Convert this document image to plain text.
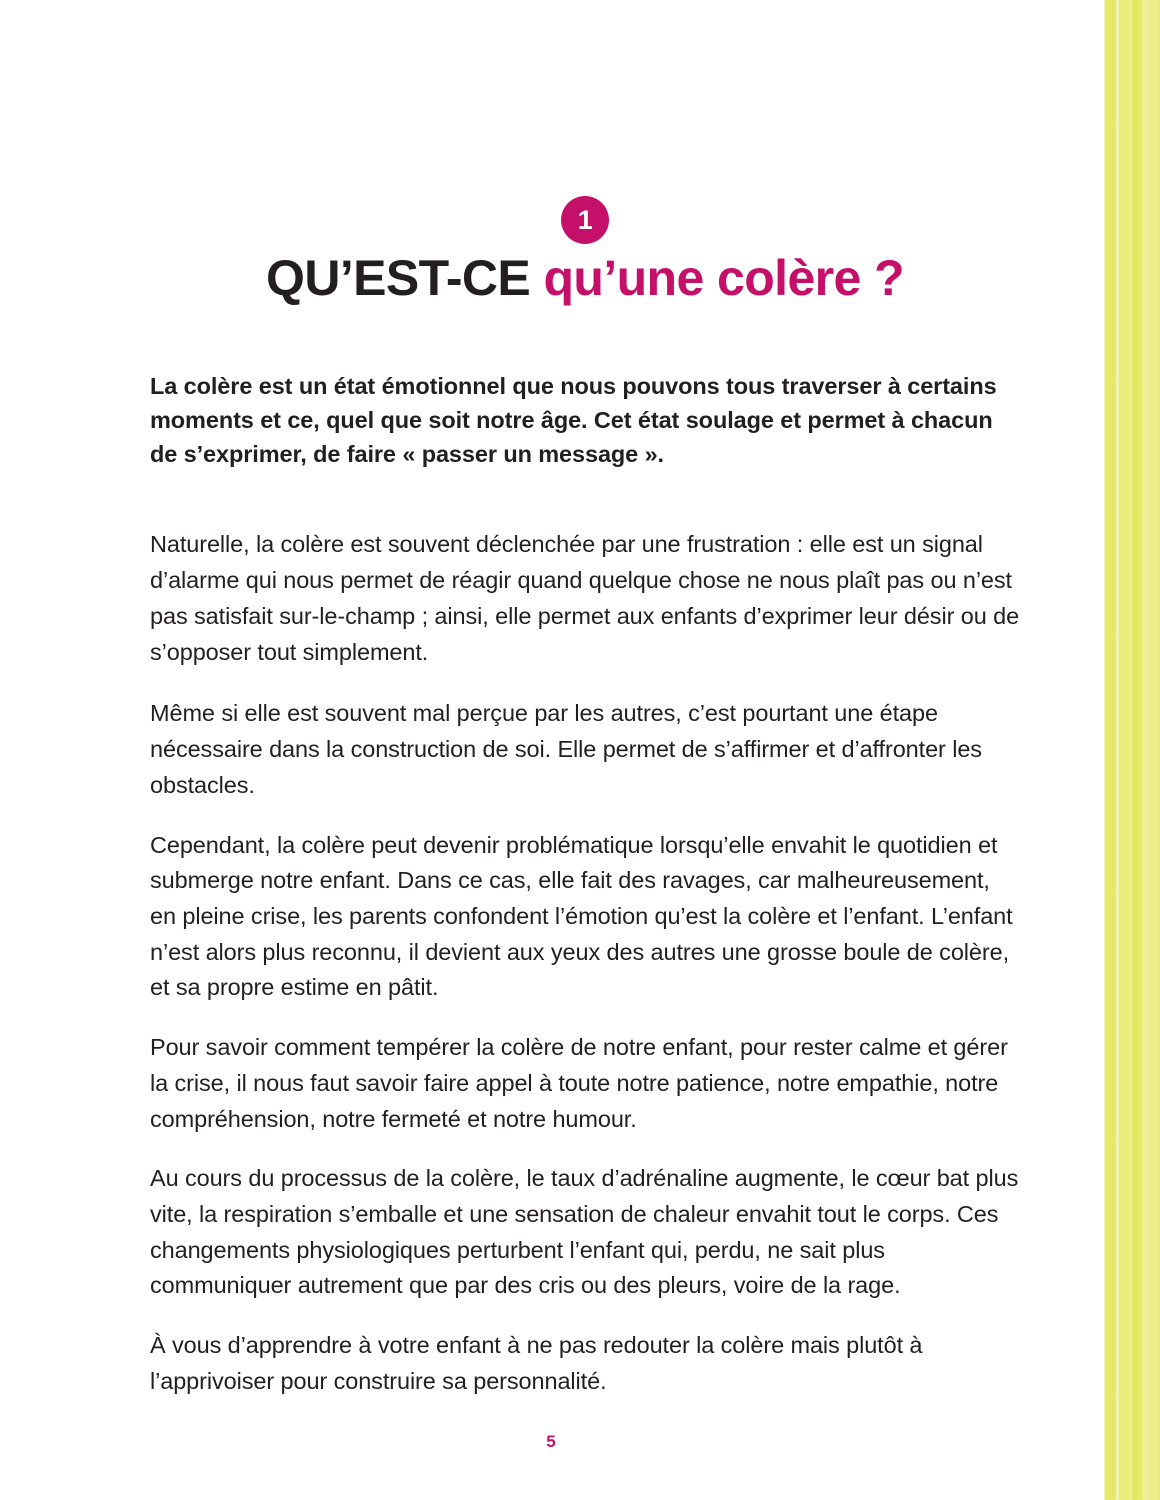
1
QU’EST-CE qu’une colère ?

La colère est un état émotionnel que nous pouvons tous traverser à certains moments et ce, quel que soit notre âge. Cet état soulage et permet à chacun de s’exprimer, de faire « passer un message ».

Naturelle, la colère est souvent déclenchée par une frustration : elle est un signal d’alarme qui nous permet de réagir quand quelque chose ne nous plaît pas ou n’est pas satisfait sur-le-champ ; ainsi, elle permet aux enfants d’exprimer leur désir ou de s’opposer tout simplement.

Même si elle est souvent mal perçue par les autres, c’est pourtant une étape nécessaire dans la construction de soi. Elle permet de s’affirmer et d’affronter les obstacles.

Cependant, la colère peut devenir problématique lorsqu’elle envahit le quotidien et submerge notre enfant. Dans ce cas, elle fait des ravages, car malheureusement, en pleine crise, les parents confondent l’émotion qu’est la colère et l’enfant. L’enfant n’est alors plus reconnu, il devient aux yeux des autres une grosse boule de colère, et sa propre estime en pâtit.

Pour savoir comment tempérer la colère de notre enfant, pour rester calme et gérer la crise, il nous faut savoir faire appel à toute notre patience, notre empathie, notre compréhension, notre fermeté et notre humour.

Au cours du processus de la colère, le taux d’adrénaline augmente, le cœur bat plus vite, la respiration s’emballe et une sensation de chaleur envahit tout le corps. Ces changements physiologiques perturbent l’enfant qui, perdu, ne sait plus communiquer autrement que par des cris ou des pleurs, voire de la rage.

À vous d’apprendre à votre enfant à ne pas redouter la colère mais plutôt à l’apprivoiser pour construire sa personnalité.

5
